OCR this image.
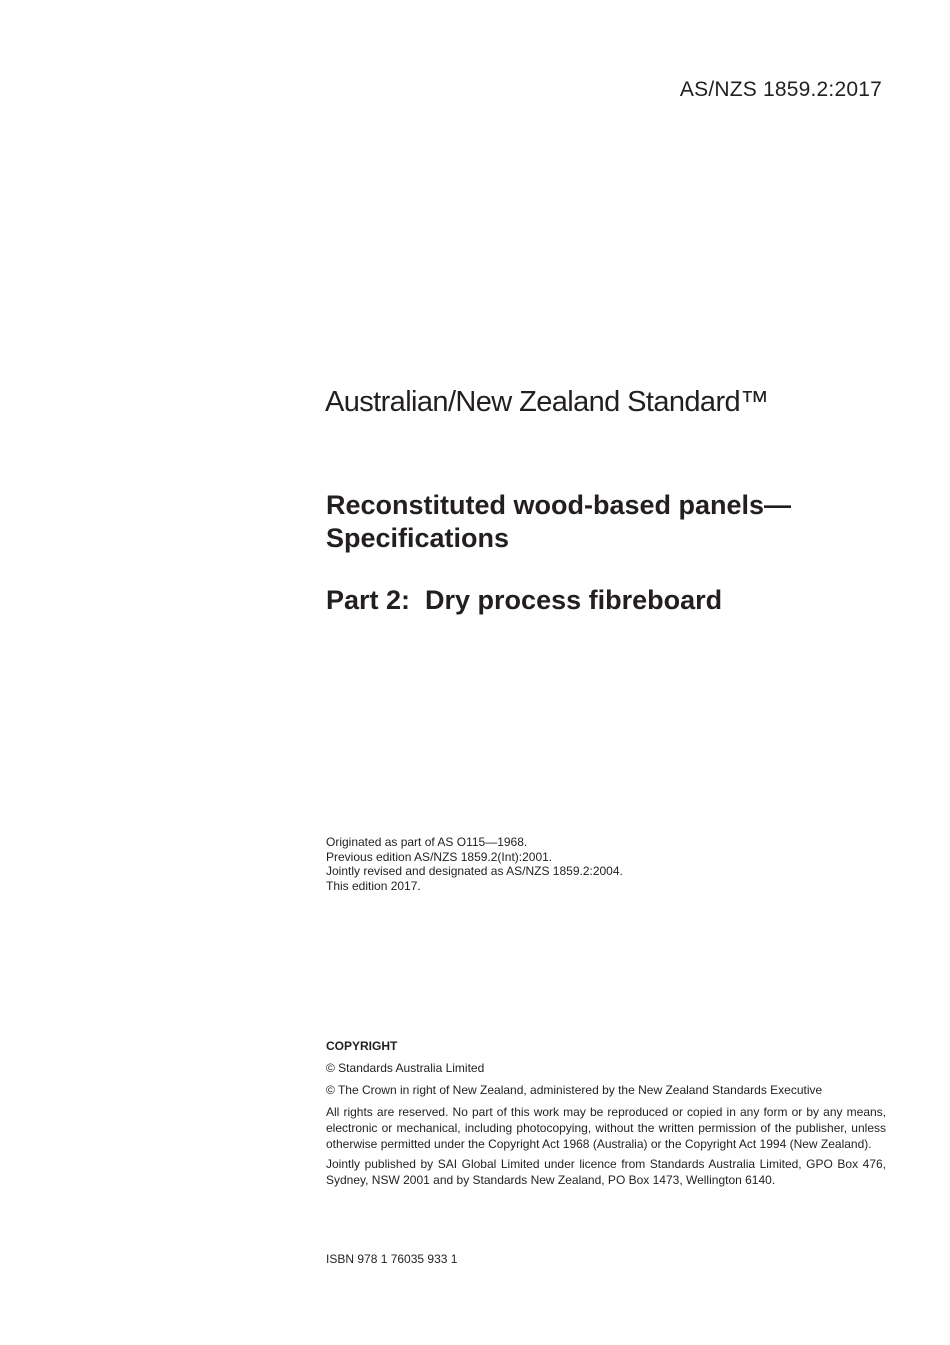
AS/NZS 1859.2:2017
Australian/New Zealand Standard™
Reconstituted wood-based panels—
Specifications
Part 2:  Dry process fibreboard
Originated as part of AS O115—1968.
Previous edition AS/NZS 1859.2(Int):2001.
Jointly revised and designated as AS/NZS 1859.2:2004.
This edition 2017.
COPYRIGHT
© Standards Australia Limited
© The Crown in right of New Zealand, administered by the New Zealand Standards Executive
All rights are reserved. No part of this work may be reproduced or copied in any form or by any means, electronic or mechanical, including photocopying, without the written permission of the publisher, unless otherwise permitted under the Copyright Act 1968 (Australia) or the Copyright Act 1994 (New Zealand).
Jointly published by SAI Global Limited under licence from Standards Australia Limited, GPO Box 476, Sydney, NSW 2001 and by Standards New Zealand, PO Box 1473, Wellington 6140.
ISBN 978 1 76035 933 1
